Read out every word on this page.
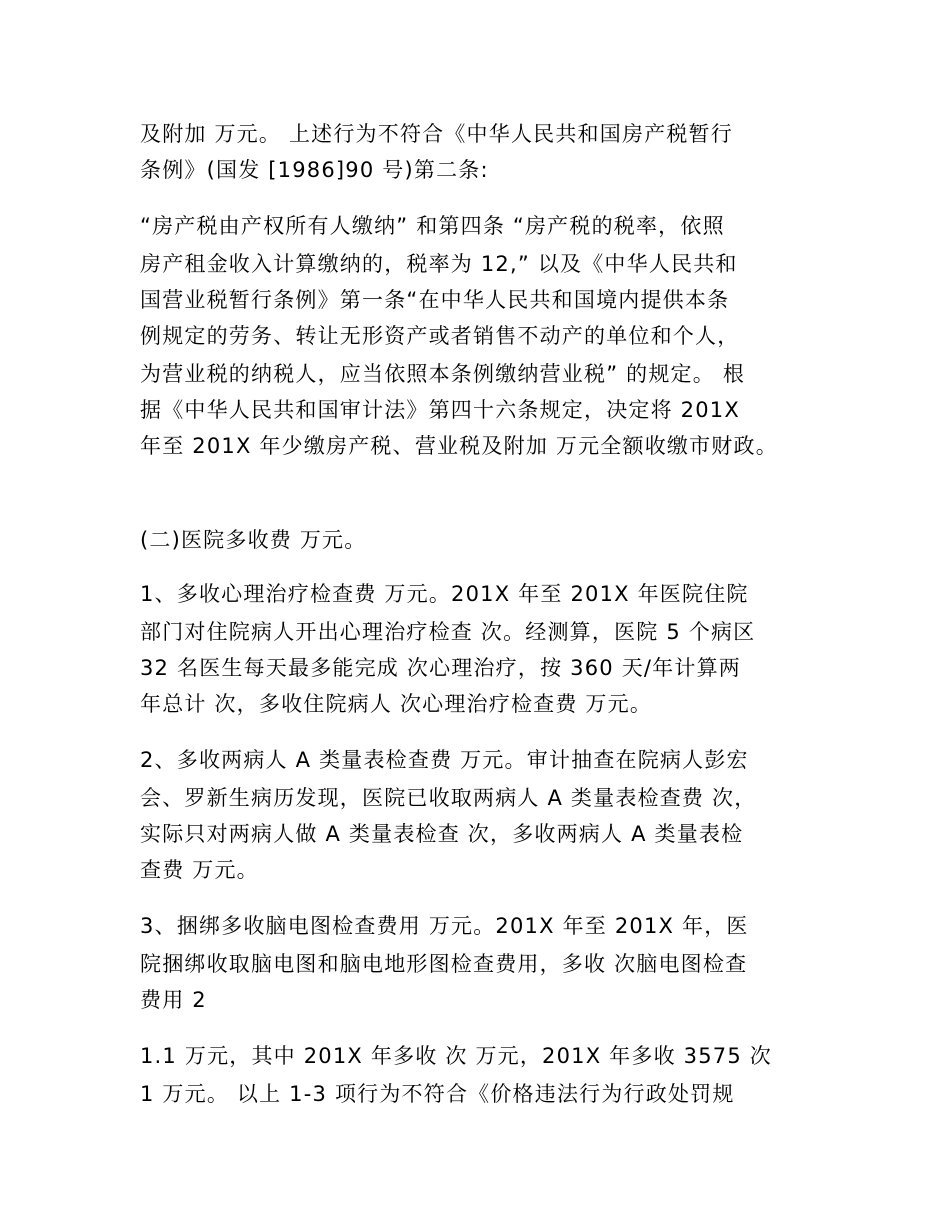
及附加 万元。 上述行为不符合《中华人民共和国房产税暂行
条例》(国发 [1986]90 号)第二条:
“房产税由产权所有人缴纳” 和第四条 “房产税的税率，依照
房产租金收入计算缴纳的，税率为 12,” 以及《中华人民共和
国营业税暂行条例》第一条“在中华人民共和国境内提供本条
例规定的劳务、转让无形资产或者销售不动产的单位和个人，
为营业税的纳税人，应当依照本条例缴纳营业税” 的规定。 根
据《中华人民共和国审计法》第四十六条规定，决定将 201X
年至 201X 年少缴房产税、营业税及附加 万元全额收缴市财政。
(二)医院多收费 万元。
1、多收心理治疗检查费 万元。201X 年至 201X 年医院住院
部门对住院病人开出心理治疗检查 次。经测算，医院 5 个病区
32 名医生每天最多能完成 次心理治疗，按 360 天/年计算两
年总计 次，多收住院病人 次心理治疗检查费 万元。
2、多收两病人 A 类量表检查费 万元。审计抽查在院病人彭宏
会、罗新生病历发现，医院已收取两病人 A 类量表检查费 次，
实际只对两病人做 A 类量表检查 次，多收两病人 A 类量表检
查费 万元。
3、捆绑多收脑电图检查费用 万元。201X 年至 201X 年，医
院捆绑收取脑电图和脑电地形图检查费用，多收 次脑电图检查
费用 2
1.1 万元，其中 201X 年多收 次 万元，201X 年多收 3575 次
1 万元。 以上 1-3 项行为不符合《价格违法行为行政处罚规
